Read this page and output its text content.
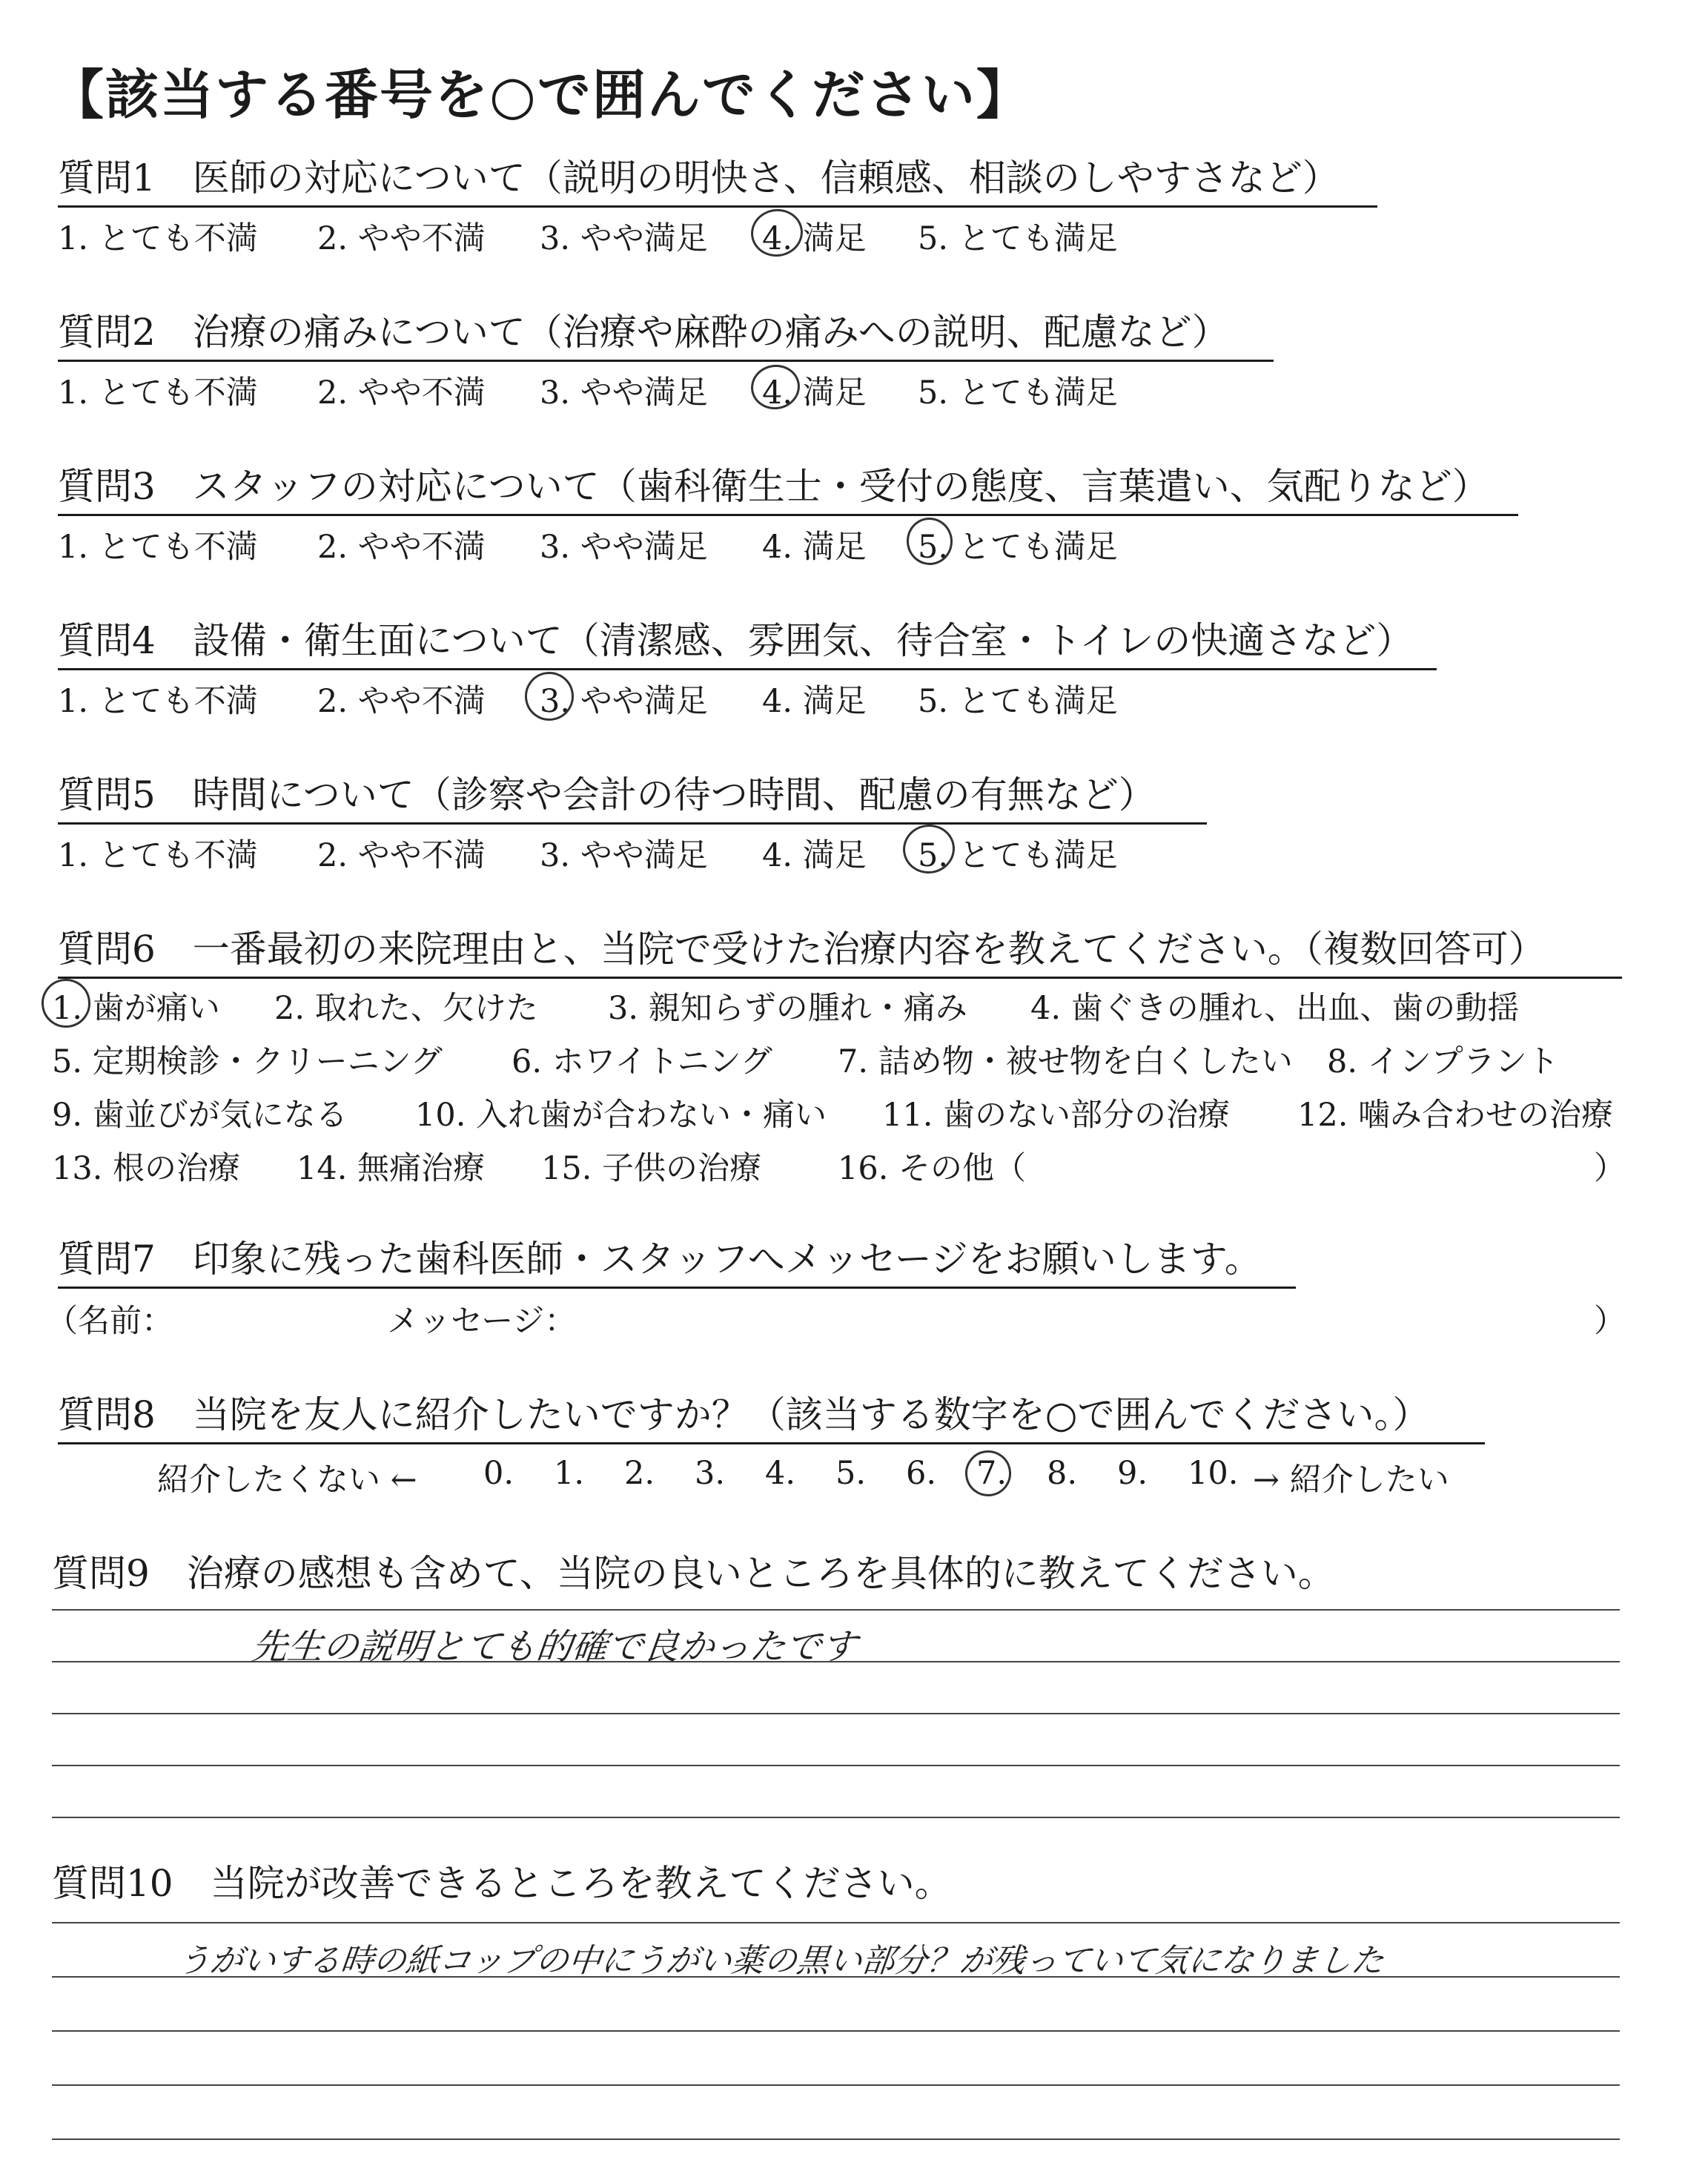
【該当する番号を○で囲んでください】
質問1　医師の対応について（説明の明快さ、信頼感、相談のしやすさなど）
1. とても不満 2. やや不満 3. やや満足 4. 満足 5. とても満足
質問2　治療の痛みについて（治療や麻酔の痛みへの説明、配慮など）
1. とても不満 2. やや不満 3. やや満足 4. 満足 5. とても満足
質問3　スタッフの対応について（歯科衛生士・受付の態度、言葉遣い、気配りなど）
1. とても不満 2. やや不満 3. やや満足 4. 満足 5. とても満足
質問4　設備・衛生面について（清潔感、雰囲気、待合室・トイレの快適さなど）
1. とても不満 2. やや不満 3. やや満足 4. 満足 5. とても満足
質問5　時間について（診察や会計の待つ時間、配慮の有無など）
1. とても不満 2. やや不満 3. やや満足 4. 満足 5. とても満足
質問6　一番最初の来院理由と、当院で受けた治療内容を教えてください。（複数回答可）
1. 歯が痛い 2. 取れた、欠けた 3. 親知らずの腫れ・痛み 4. 歯ぐきの腫れ、出血、歯の動揺
5. 定期検診・クリーニング 6. ホワイトニング 7. 詰め物・被せ物を白くしたい 8. インプラント
9. 歯並びが気になる 10. 入れ歯が合わない・痛い 11. 歯のない部分の治療 12. 噛み合わせの治療
13. 根の治療 14. 無痛治療 15. 子供の治療 16. その他（	）
質問7　印象に残った歯科医師・スタッフへメッセージをお願いします。
（名前：	メッセージ：	）
質問8　当院を友人に紹介したいですか？（該当する数字を○で囲んでください。）
紹介したくない ← 0. 1. 2. 3. 4. 5. 6. 7. 8. 9. 10. → 紹介したい
質問9　治療の感想も含めて、当院の良いところを具体的に教えてください。
先生の説明とても的確で良かったです
質問10　当院が改善できるところを教えてください。
うがいする時の紙コップの中にうがい薬の黒い部分？が残っていて気になりました
